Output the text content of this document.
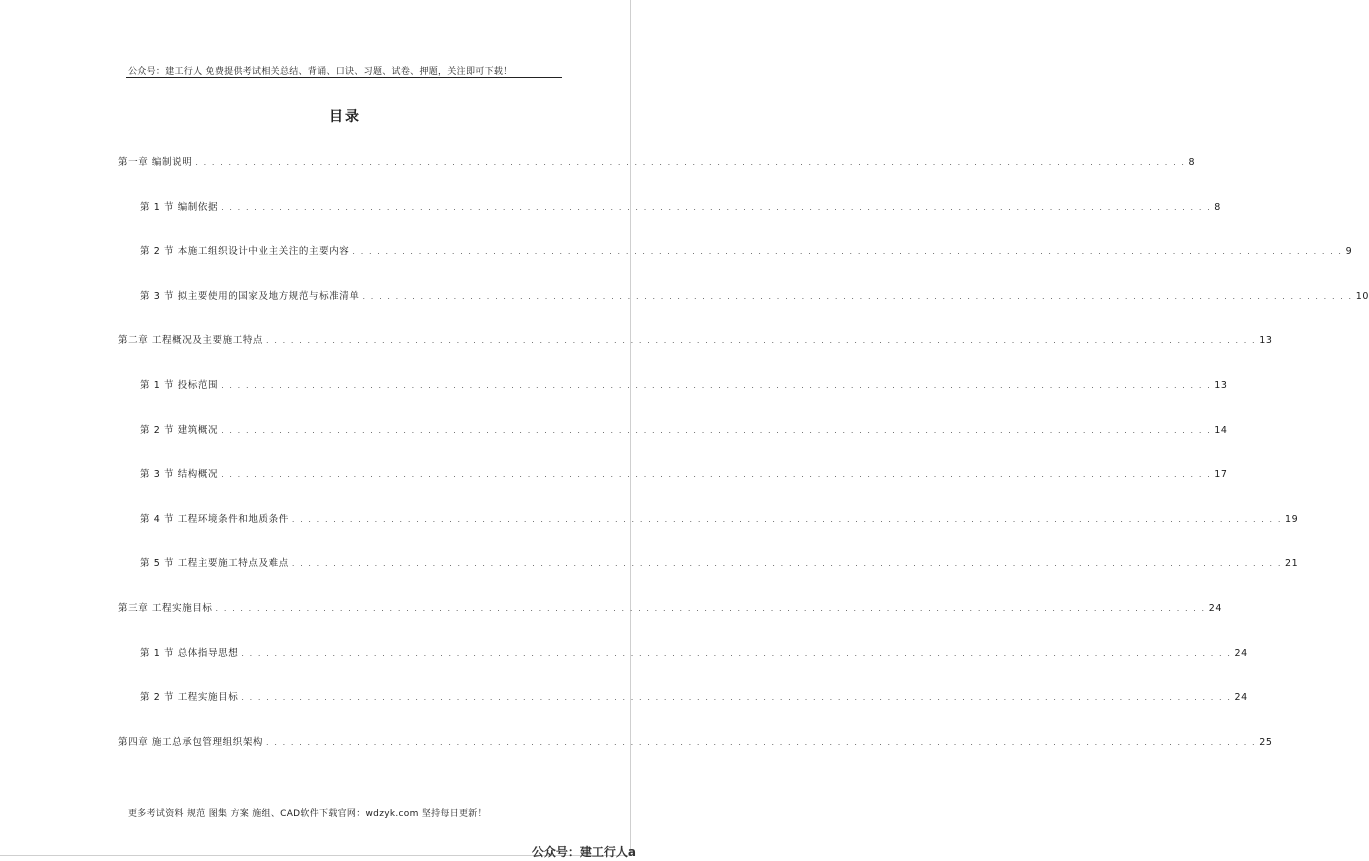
公众号：建工行人 免费提供考试相关总结、背诵、口诀、习题、试卷、押题，关注即可下载！
目录
第一章 编制说明 . . . . . . . . . . . . . . . . . . . . . . . . . . . . . . . . . . . . . . . . . . . . . . . . . . . . . . . . . . . . . . . . . . . . . . . . . . . . . . . . . . . . . . . . . . . . . . . . . . . . . . . . . . . . . . . . . . . . . . . . 8
第 1 节 编制依据 . . . . . . . . . . . . . . . . . . . . . . . . . . . . . . . . . . . . . . . . . . . . . . . . . . . . . . . . . . . . . . . . . . . . . . . . . . . . . . . . . . . . . . . . . . . . . . . . . . . . . . . . . . . . . . . . . . . . . . . . 8
第 2 节 本施工组织设计中业主关注的主要内容 . . . . . . . . . . . . . . . . . . . . . . . . . . . . . . . . . . . . . . . . . . . . . . . . . . . . . . . . . . . . . . . . . . . . . . . . . . . . . . . . . . . . . . . . . . . . . . . . . . . . . . . . . . . . . . . . . . . . . . . . 9
第 3 节 拟主要使用的国家及地方规范与标准清单 . . . . . . . . . . . . . . . . . . . . . . . . . . . . . . . . . . . . . . . . . . . . . . . . . . . . . . . . . . . . . . . . . . . . . . . . . . . . . . . . . . . . . . . . . . . . . . . . . . . . . . . . . . . . . . . . . . . . . . . . 10
第二章 工程概况及主要施工特点 . . . . . . . . . . . . . . . . . . . . . . . . . . . . . . . . . . . . . . . . . . . . . . . . . . . . . . . . . . . . . . . . . . . . . . . . . . . . . . . . . . . . . . . . . . . . . . . . . . . . . . . . . . . . . . . . . . . . . . . . 13
第 1 节 投标范围 . . . . . . . . . . . . . . . . . . . . . . . . . . . . . . . . . . . . . . . . . . . . . . . . . . . . . . . . . . . . . . . . . . . . . . . . . . . . . . . . . . . . . . . . . . . . . . . . . . . . . . . . . . . . . . . . . . . . . . . . 13
第 2 节 建筑概况 . . . . . . . . . . . . . . . . . . . . . . . . . . . . . . . . . . . . . . . . . . . . . . . . . . . . . . . . . . . . . . . . . . . . . . . . . . . . . . . . . . . . . . . . . . . . . . . . . . . . . . . . . . . . . . . . . . . . . . . . 14
第 3 节 结构概况 . . . . . . . . . . . . . . . . . . . . . . . . . . . . . . . . . . . . . . . . . . . . . . . . . . . . . . . . . . . . . . . . . . . . . . . . . . . . . . . . . . . . . . . . . . . . . . . . . . . . . . . . . . . . . . . . . . . . . . . . 17
第 4 节 工程环境条件和地质条件 . . . . . . . . . . . . . . . . . . . . . . . . . . . . . . . . . . . . . . . . . . . . . . . . . . . . . . . . . . . . . . . . . . . . . . . . . . . . . . . . . . . . . . . . . . . . . . . . . . . . . . . . . . . . . . . . . . . . . . . . 19
第 5 节 工程主要施工特点及难点 . . . . . . . . . . . . . . . . . . . . . . . . . . . . . . . . . . . . . . . . . . . . . . . . . . . . . . . . . . . . . . . . . . . . . . . . . . . . . . . . . . . . . . . . . . . . . . . . . . . . . . . . . . . . . . . . . . . . . . . . 21
第三章 工程实施目标 . . . . . . . . . . . . . . . . . . . . . . . . . . . . . . . . . . . . . . . . . . . . . . . . . . . . . . . . . . . . . . . . . . . . . . . . . . . . . . . . . . . . . . . . . . . . . . . . . . . . . . . . . . . . . . . . . . . . . . . . 24
第 1 节 总体指导思想 . . . . . . . . . . . . . . . . . . . . . . . . . . . . . . . . . . . . . . . . . . . . . . . . . . . . . . . . . . . . . . . . . . . . . . . . . . . . . . . . . . . . . . . . . . . . . . . . . . . . . . . . . . . . . . . . . . . . . . . . 24
第 2 节 工程实施目标 . . . . . . . . . . . . . . . . . . . . . . . . . . . . . . . . . . . . . . . . . . . . . . . . . . . . . . . . . . . . . . . . . . . . . . . . . . . . . . . . . . . . . . . . . . . . . . . . . . . . . . . . . . . . . . . . . . . . . . . . 24
第四章 施工总承包管理组织架构 . . . . . . . . . . . . . . . . . . . . . . . . . . . . . . . . . . . . . . . . . . . . . . . . . . . . . . . . . . . . . . . . . . . . . . . . . . . . . . . . . . . . . . . . . . . . . . . . . . . . . . . . . . . . . . . . . . . . . . . . 25
更多考试资料 规范 图集 方案 施组、CAD软件下载官网：wdzyk.com 坚持每日更新！
公众号：建工行人a
